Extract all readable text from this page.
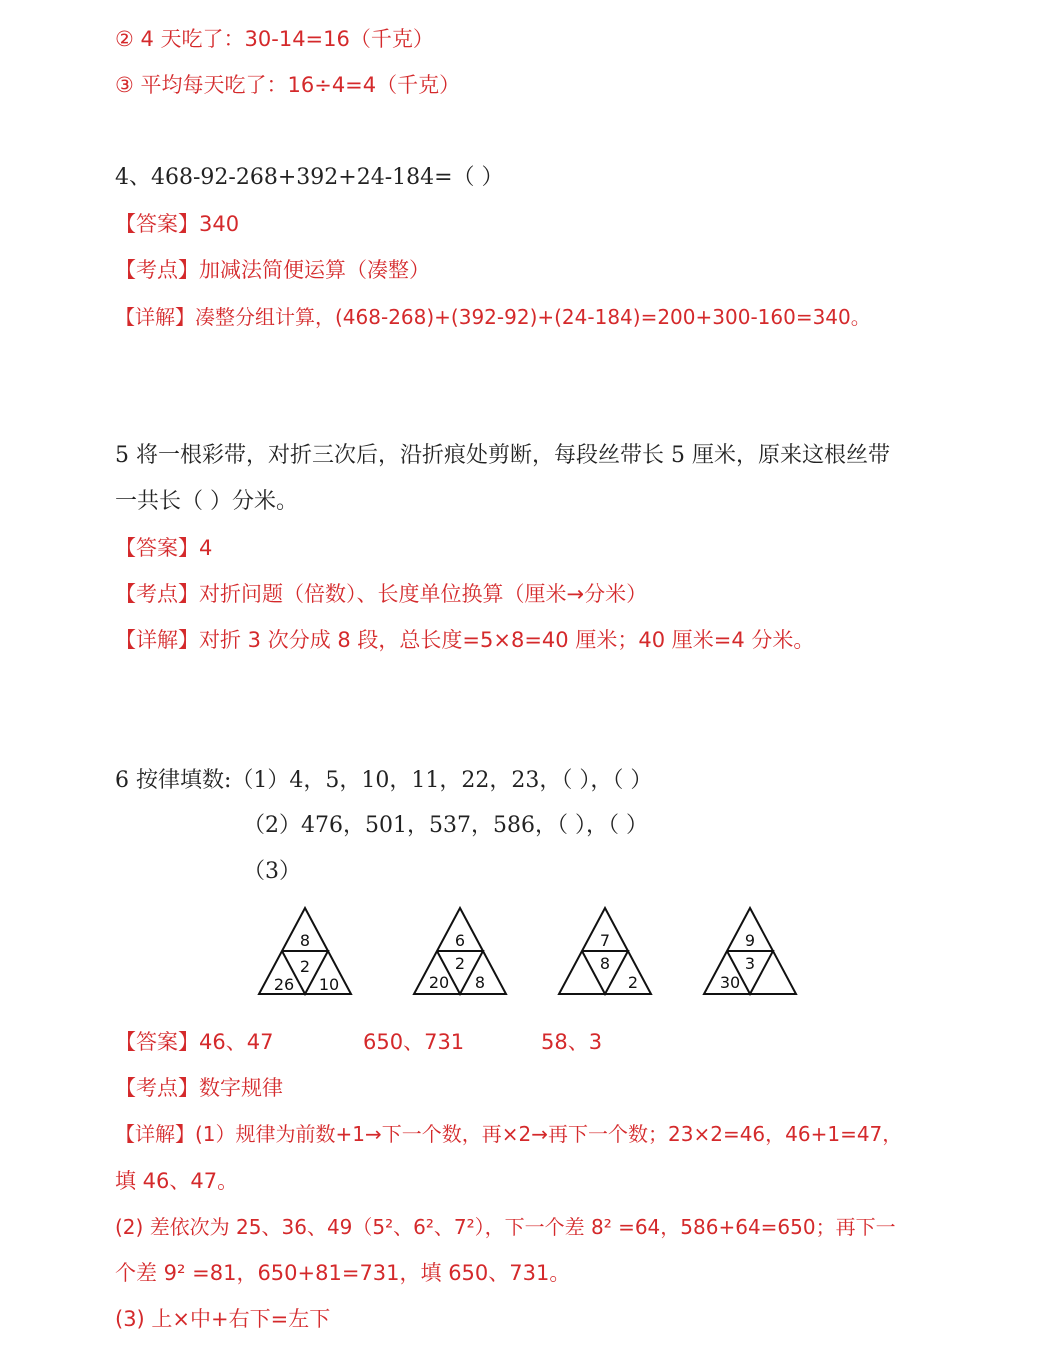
② 4 天吃了：30-14=16（千克）
③ 平均每天吃了：16÷4=4（千克）
4、468-92-268+392+24-184=（ ）
【答案】340
【考点】加减法简便运算（凑整）
【详解】凑整分组计算，(468-268)+(392-92)+(24-184)=200+300-160=340。
5 将一根彩带，对折三次后，沿折痕处剪断，每段丝带长 5 厘米，原来这根丝带
一共长（ ）分米。
【答案】4
【考点】对折问题（倍数）、长度单位换算（厘米→分米）
【详解】对折 3 次分成 8 段，总长度=5×8=40 厘米；40 厘米=4 分米。
6 按律填数:（1）4，5，10，11，22，23，（ ），（ ）
（2）476，501，537，586，（ ），（ ）
（3）
8
2
26 10
6
2
20 8
7
8
2
9
3
30
【答案】46、47	650、731	58、3
【考点】数字规律
【详解】(1）规律为前数+1→下一个数，再×2→再下一个数；23×2=46，46+1=47，
填 46、47。
(2) 差依次为 25、36、49（5²、6²、7²），下一个差 8² =64，586+64=650；再下一
个差 9² =81，650+81=731，填 650、731。
(3) 上×中+右下=左下
